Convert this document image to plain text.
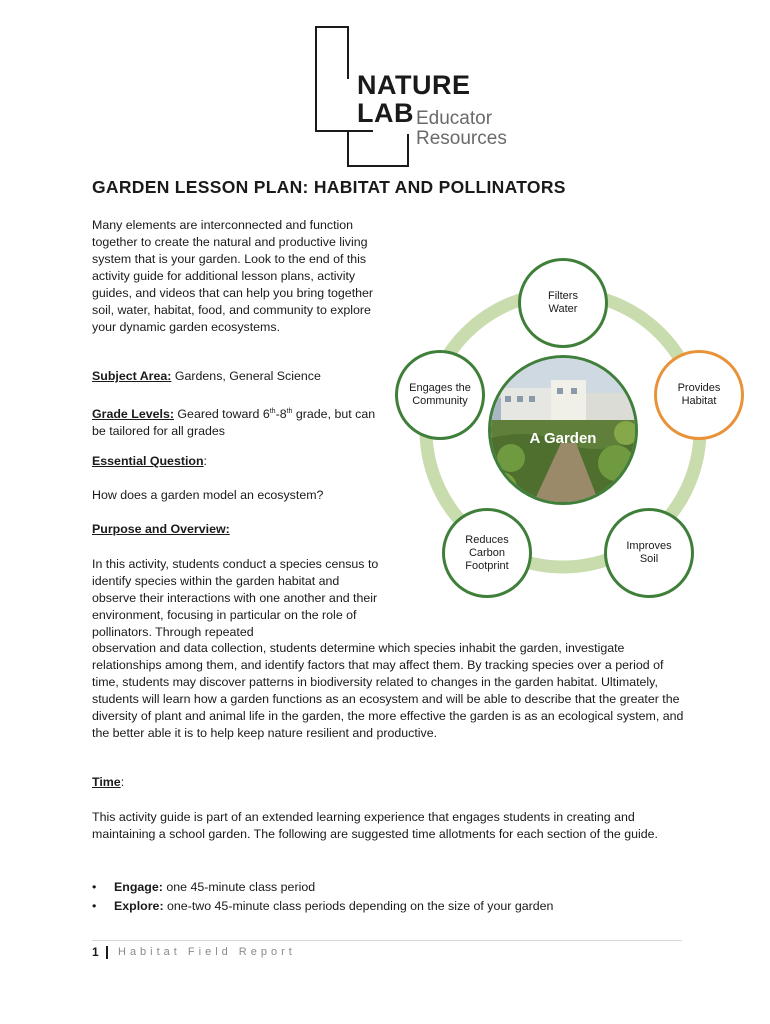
NATURE
LAB Educator
Resources
GARDEN LESSON PLAN: HABITAT AND POLLINATORS

Many elements are interconnected and function together to create the natural and productive living system that is your garden. Look to the end of this activity guide for additional lesson plans, activity guides, and videos that can help you bring together soil, water, habitat, food, and community to explore your dynamic garden ecosystems.

Subject Area: Gardens, General Science
Grade Levels: Geared toward 6th-8th grade, but can be tailored for all grades
Essential Question:
How does a garden model an ecosystem?
Purpose and Overview:

In this activity, students conduct a species census to identify species within the garden habitat and observe their interactions with one another and their environment, focusing in particular on the role of pollinators. Through repeated

observation and data collection, students determine which species inhabit the garden, investigate relationships among them, and identify factors that may affect them. By tracking species over a period of time, students may discover patterns in biodiversity related to changes in the garden habitat. Ultimately, students will learn how a garden functions as an ecosystem and will be able to describe that the greater the diversity of plant and animal life in the garden, the more effective the garden is as an ecological system, and the better able it is to help keep nature resilient and productive.

Time:

This activity guide is part of an extended learning experience that engages students in creating and maintaining a school garden. The following are suggested time allotments for each section of the guide.

• Engage: one 45-minute class period
• Explore: one-two 45-minute class periods depending on the size of your garden
A Garden
Filters
Water
Provides
Habitat
Improves
Soil
Reduces
Carbon
Footprint
Engages the
Community
1 Habitat Field Report
